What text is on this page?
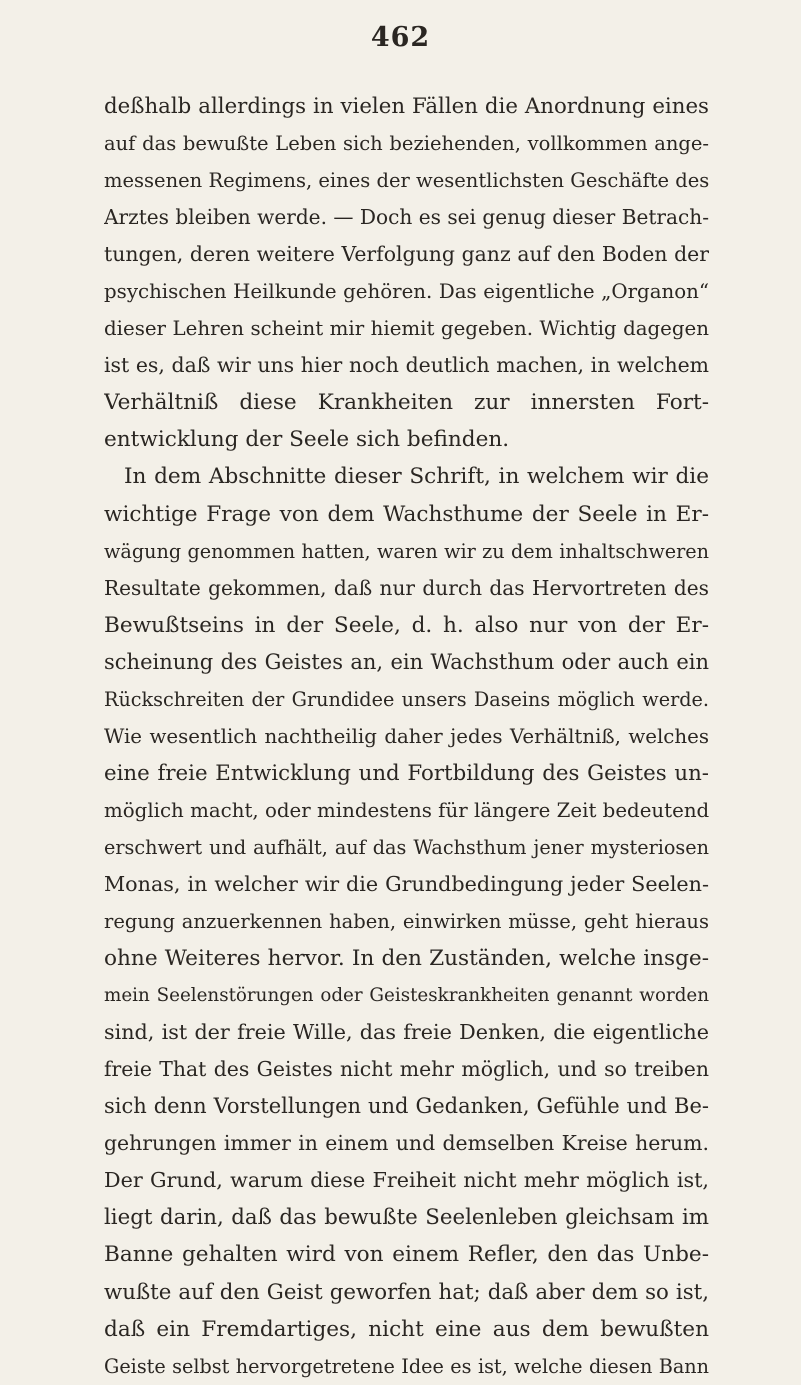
462
deßhalb allerdings in vielen Fällen die Anordnung eines
auf das bewußte Leben sich beziehenden, vollkommen ange-
messenen Regimens, eines der wesentlichsten Geschäfte des
Arztes bleiben werde. — Doch es sei genug dieser Betrach-
tungen, deren weitere Verfolgung ganz auf den Boden der
psychischen Heilkunde gehören. Das eigentliche „Organon“
dieser Lehren scheint mir hiemit gegeben. Wichtig dagegen
ist es, daß wir uns hier noch deutlich machen, in welchem
Verhältniß diese Krankheiten zur innersten Fort-
entwicklung der Seele sich befinden.
In dem Abschnitte dieser Schrift, in welchem wir die
wichtige Frage von dem Wachsthume der Seele in Er-
wägung genommen hatten, waren wir zu dem inhaltschweren
Resultate gekommen, daß nur durch das Hervortreten des
Bewußtseins in der Seele, d. h. also nur von der Er-
scheinung des Geistes an, ein Wachsthum oder auch ein
Rückschreiten der Grundidee unsers Daseins möglich werde.
Wie wesentlich nachtheilig daher jedes Verhältniß, welches
eine freie Entwicklung und Fortbildung des Geistes un-
möglich macht, oder mindestens für längere Zeit bedeutend
erschwert und aufhält, auf das Wachsthum jener mysteriosen
Monas, in welcher wir die Grundbedingung jeder Seelen-
regung anzuerkennen haben, einwirken müsse, geht hieraus
ohne Weiteres hervor. In den Zuständen, welche insge-
mein Seelenstörungen oder Geisteskrankheiten genannt worden
sind, ist der freie Wille, das freie Denken, die eigentliche
freie That des Geistes nicht mehr möglich, und so treiben
sich denn Vorstellungen und Gedanken, Gefühle und Be-
gehrungen immer in einem und demselben Kreise herum.
Der Grund, warum diese Freiheit nicht mehr möglich ist,
liegt darin, daß das bewußte Seelenleben gleichsam im
Banne gehalten wird von einem Refler, den das Unbe-
wußte auf den Geist geworfen hat; daß aber dem so ist,
daß ein Fremdartiges, nicht eine aus dem bewußten
Geiste selbst hervorgetretene Idee es ist, welche diesen Bann
